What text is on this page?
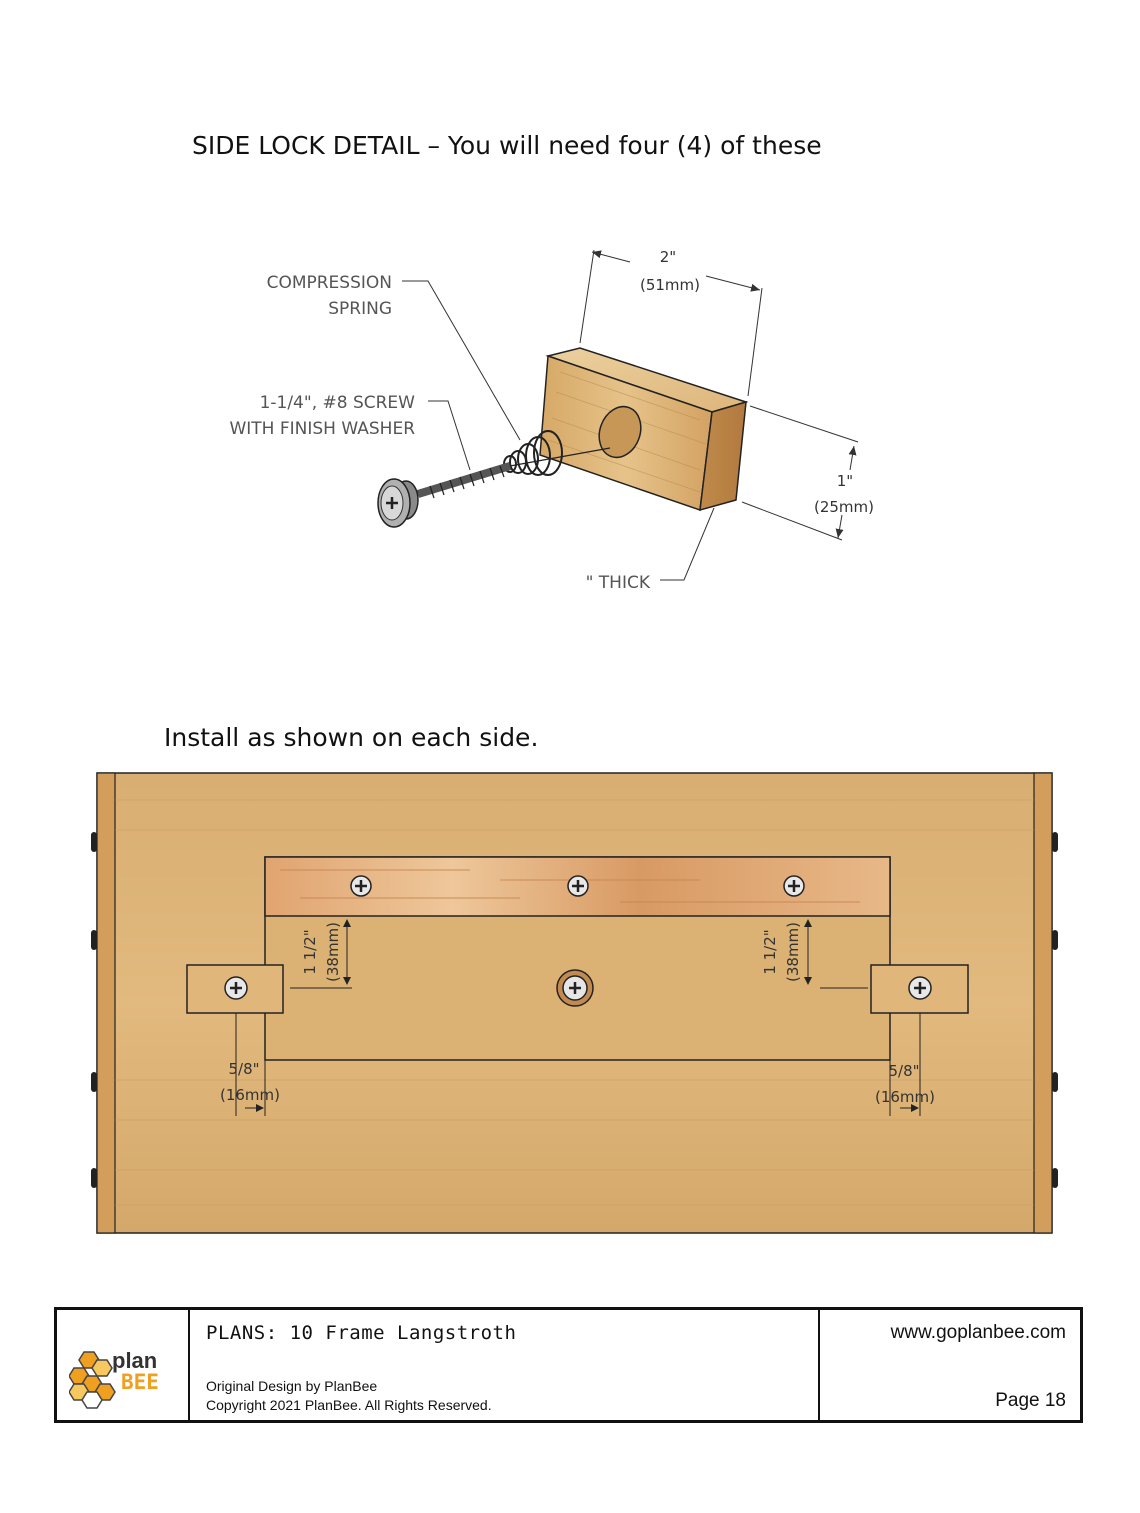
SIDE LOCK DETAIL – You will need four (4) of these
COMPRESSION
SPRING
1-1/4", #8 SCREW
WITH FINISH WASHER
2"
(51mm)
1"
(25mm)
" THICK
Install as shown on each side.
1 1/2" (38mm)	1 1/2" (38mm)
5/8"
(16mm)
5/8"
(16mm)
plan
BEE
PLANS: 10 Frame Langstroth
Original Design by PlanBee
Copyright 2021 PlanBee. All Rights Reserved.
www.goplanbee.com
Page 18
